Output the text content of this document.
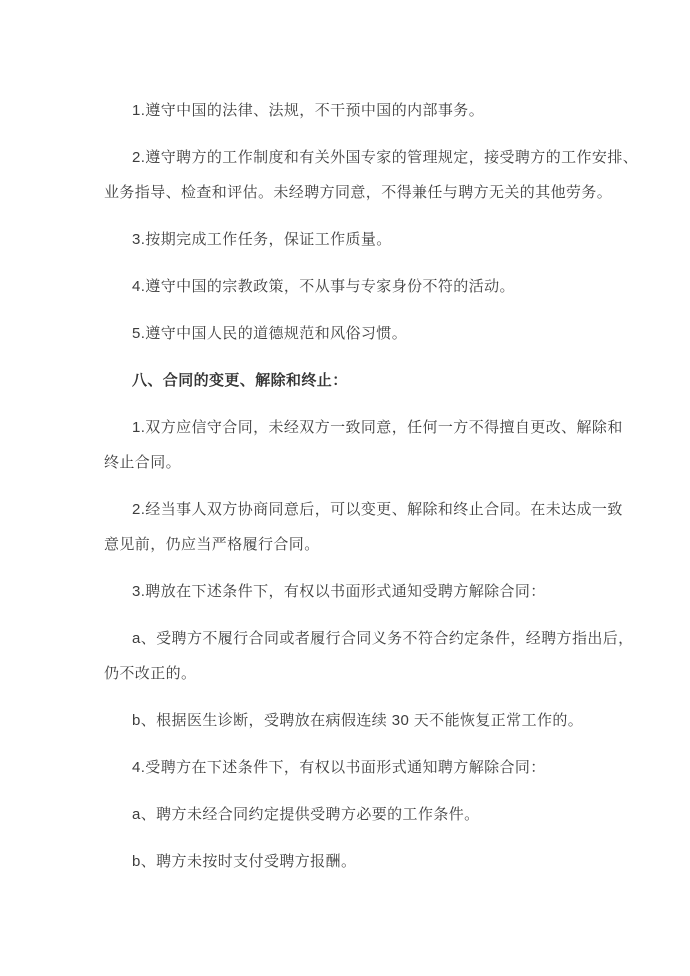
1.遵守中国的法律、法规，不干预中国的内部事务。
2.遵守聘方的工作制度和有关外国专家的管理规定，接受聘方的工作安排、
业务指导、检查和评估。未经聘方同意，不得兼任与聘方无关的其他劳务。
3.按期完成工作任务，保证工作质量。
4.遵守中国的宗教政策，不从事与专家身份不符的活动。
5.遵守中国人民的道德规范和风俗习惯。
八、合同的变更、解除和终止：
1.双方应信守合同，未经双方一致同意，任何一方不得擅自更改、解除和
终止合同。
2.经当事人双方协商同意后，可以变更、解除和终止合同。在未达成一致
意见前，仍应当严格履行合同。
3.聘放在下述条件下，有权以书面形式通知受聘方解除合同：
a、受聘方不履行合同或者履行合同义务不符合约定条件，经聘方指出后，
仍不改正的。
b、根据医生诊断，受聘放在病假连续 30 天不能恢复正常工作的。
4.受聘方在下述条件下，有权以书面形式通知聘方解除合同：
a、聘方未经合同约定提供受聘方必要的工作条件。
b、聘方未按时支付受聘方报酬。
